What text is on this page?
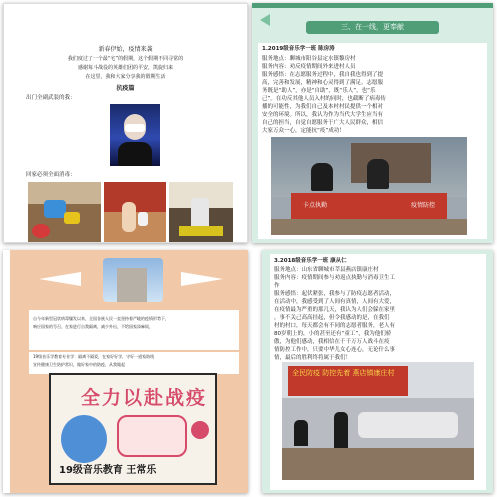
新春伊始，疫情来袭
我们度过了一个最“宅”的假期，这个假期不同寻常的
感谢每斗战役的英雄们团的平安，凯旋归来
在这里，我和大家分享我的假期生活
抗疫篇
出门全副武装的我：
回家必须全面消毒：
三、在一线，更奉献
1.2019级音乐学一班 陈房涛
服务地点：聊城市阳谷县定水镇黎房村
服务内容：劝反疫情期间外来进村人员
服务感悟：在志愿服务过程中，我自我也得到了提
高，完善和发展，精神和心灵得到了满足。志愿服
务既是“助人”，亦是“自助”，既“乐人”，也“乐
己”。在功反其他人员入村的同时，也截断了病毒传
播的可能性，为我们自己及本村村民提供一个相对
安全的环境。所以，我认为作为当代大学生应当有
自己的担当，自觉自愿服务于广大人民群众，相信
大家万众一心，定能抗“疫”成功！
卡点执勤	疫情防控
自今年新型冠状病毒爆发以来，全国各族人民一直坚持着严峻的疫情形势下，
响应国家的号召，在家进行自我隔离，减少外出，不给国家添麻烦，
19级音乐学教育专业学：隔离不隔爱，在家好好学，守好一道家防线
宣传健康卫生防护常识，做好家中的防疫，从我做起
全力以赴战疫
19级音乐教育 王常乐
3.2018级音乐学一班 康从仁
服务地点：山东省聊城市莘县燕店镇康庄村
服务内容：疫情期间参与劝返点执勤与消毒卫生工
作
服务感悟：起伏紧张，我参与了防疫志愿者活动，
在活动中，我感受到了人间有真情，人间有大爱，
在疫情最为严重的那几天，我认为人们会躲在家里
，事不关己高高挂起，但令我感动的是，在我们
村的村口，每天都会有不同的志愿者服务，老人有
80岁朝上的，小的甚至还有“童工”，我为他们骄
傲，为他们感动，我相信在千千万万人战斗在疫
情防控工作中，只要中华儿女心连心，无论什么事
情，最后的胜利终将属于我们！
全民防疫 防控先着 燕店镇康庄村
